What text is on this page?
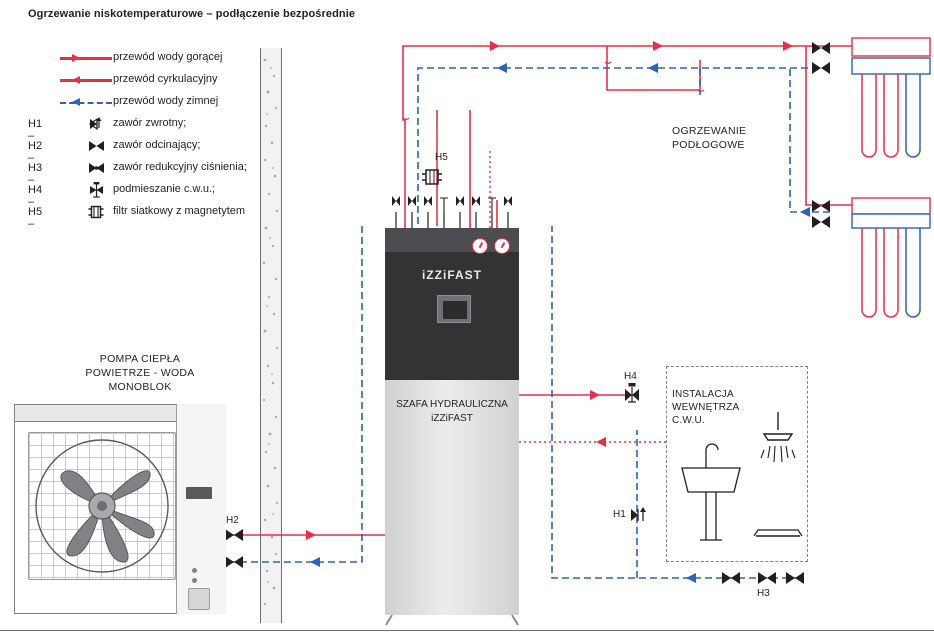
Ogrzewanie niskotemperaturowe – podłączenie bezpośrednie
przewód wody gorącej
przewód cyrkulacyjny
przewód wody zimnej
H1 –
zawór zwrotny;
H2 –
zawór odcinający;
H3 –
zawór redukcyjny ciśnienia;
H4 –
podmieszanie c.w.u.;
H5 –
filtr siatkowy z magnetytem
POMPA CIEPŁA
POWIETRZE - WODA
MONOBLOK
iZZiFAST
SZAFA HYDRAULICZNA
iZZiFAST
OGRZEWANIE
PODŁOGOWE
INSTALACJA
WEWNĘTRZA
C.W.U.
H2
H5
H4
H1
H3
